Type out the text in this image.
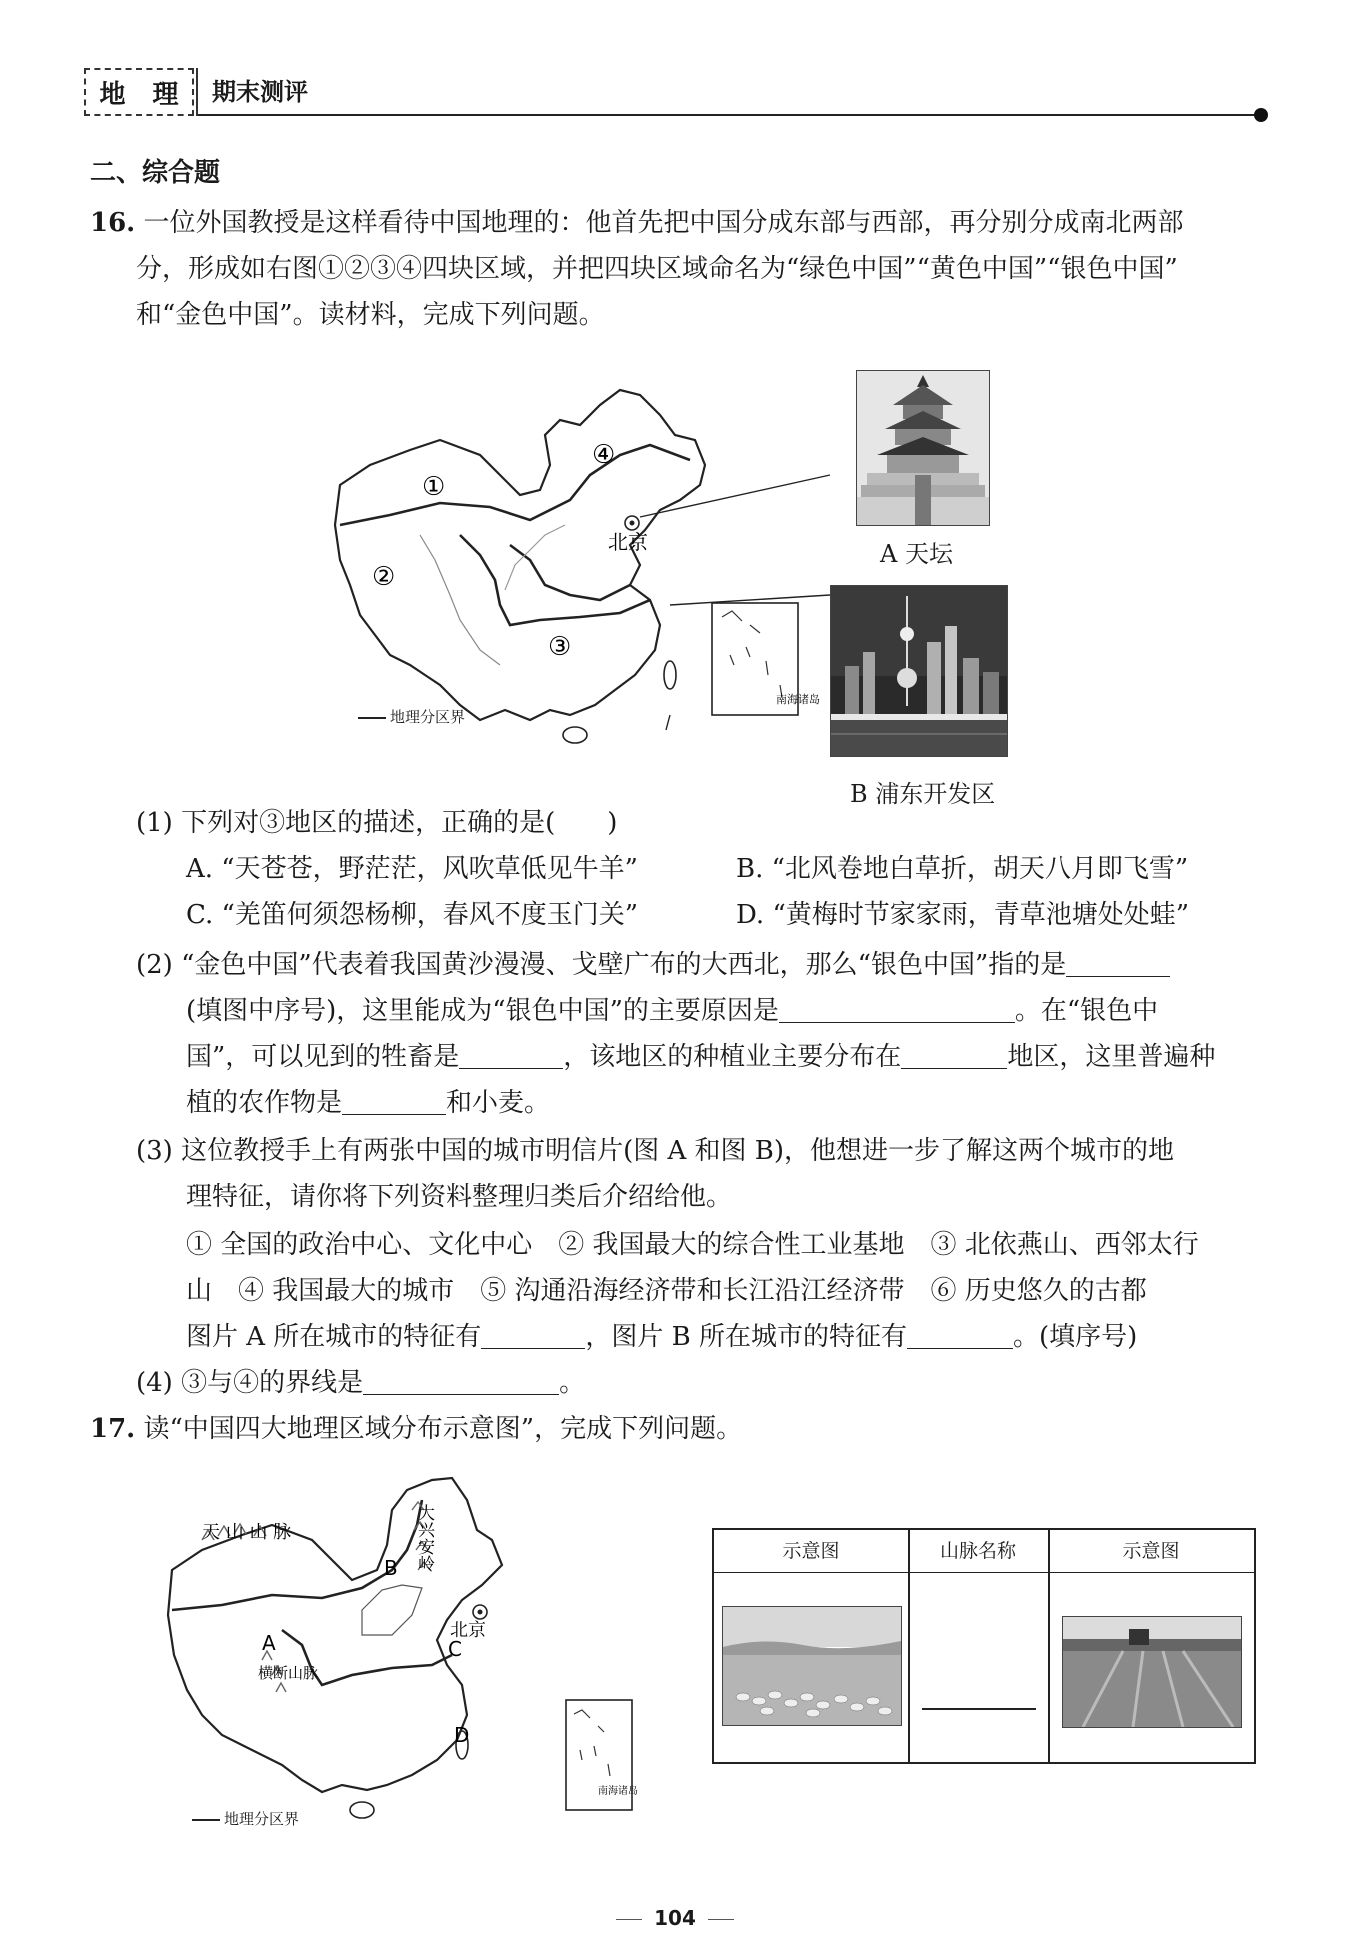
地 理 期末测评
二、综合题
16. 一位外国教授是这样看待中国地理的：他首先把中国分成东部与西部，再分别分成南北两部
分，形成如右图①②③④四块区域，并把四块区域命名为“绿色中国”“黄色中国”“银色中国”
和“金色中国”。读材料，完成下列问题。
①
②
③
④
北京
南海诸岛
地理分区界
A 天坛
B 浦东开发区
(1) 下列对③地区的描述，正确的是(　　)
A. “天苍苍，野茫茫，风吹草低见牛羊”	B. “北风卷地白草折，胡天八月即飞雪”
C. “羌笛何须怨杨柳，春风不度玉门关”	D. “黄梅时节家家雨，青草池塘处处蛙”
(2) “金色中国”代表着我国黄沙漫漫、戈壁广布的大西北，那么“银色中国”指的是
(填图中序号)，这里能成为“银色中国”的主要原因是	。在“银色中
国”，可以见到的牲畜是	，该地区的种植业主要分布在	地区，这里普遍种
植的农作物是	和小麦。
(3) 这位教授手上有两张中国的城市明信片(图 A 和图 B)，他想进一步了解这两个城市的地
理特征，请你将下列资料整理归类后介绍给他。
① 全国的政治中心、文化中心　② 我国最大的综合性工业基地　③ 北依燕山、西邻太行
山　④ 我国最大的城市　⑤ 沟通沿海经济带和长江沿江经济带　⑥ 历史悠久的古都
图片 A 所在城市的特征有	，图片 B 所在城市的特征有	。(填序号)
(4) ③与④的界线是	。
17. 读“中国四大地理区域分布示意图”，完成下列问题。
天 山 山 脉	大兴安岭
横断山脉
A
B
C
D
北京
南海诸岛
地理分区界
示意图	山脉名称	示意图
104
